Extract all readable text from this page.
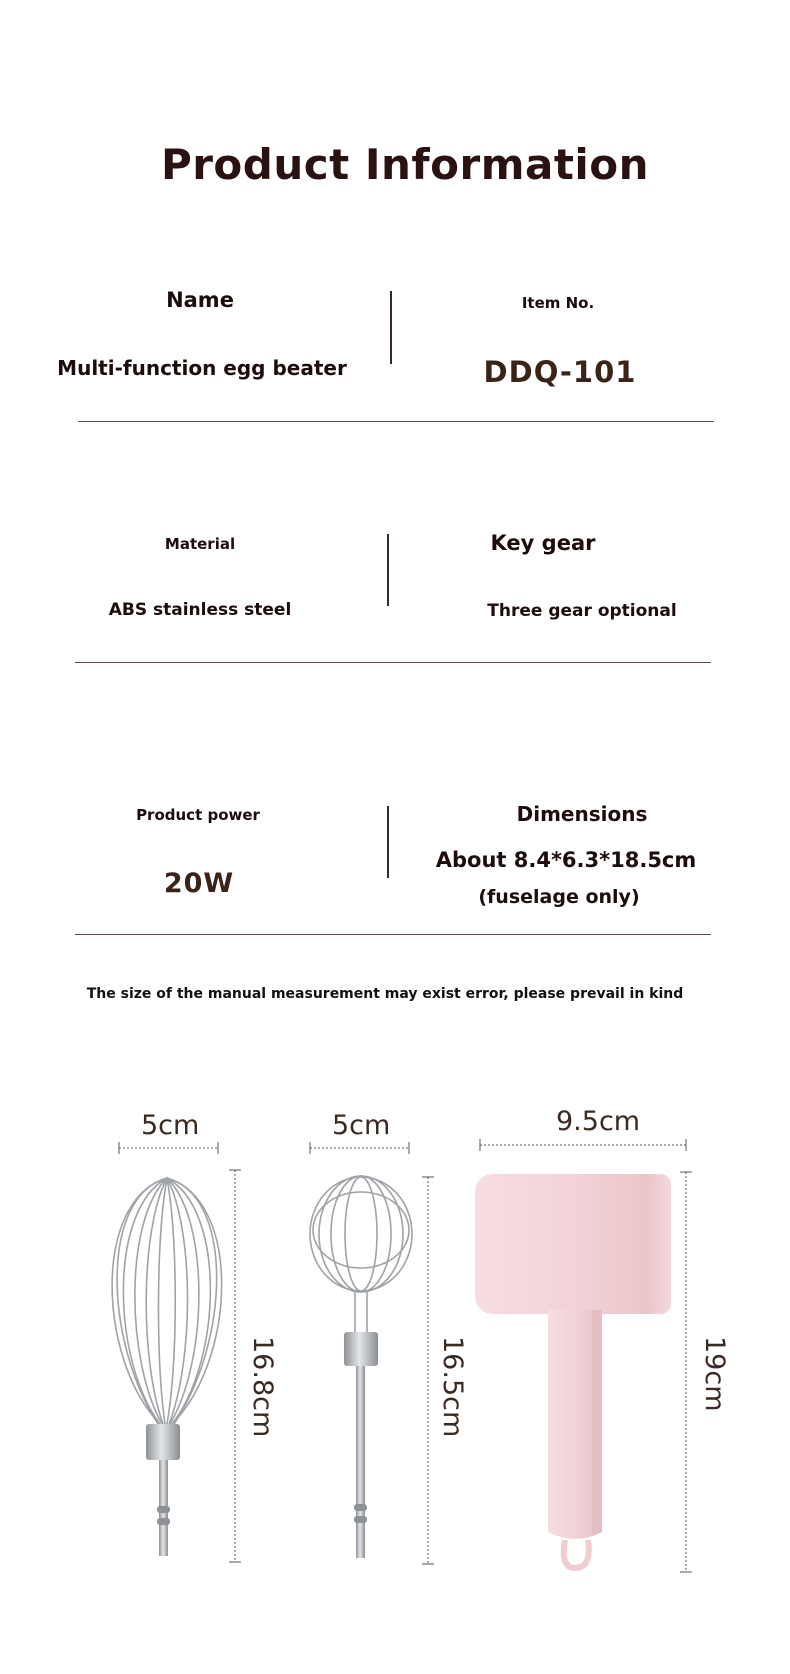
Product Information
Name
Multi-function egg beater
Item No.
DDQ-101
Material
ABS stainless steel
Key gear
Three gear optional
Product power
20W
Dimensions
About 8.4*6.3*18.5cm
(fuselage only)
The size of the manual measurement may exist error, please prevail in kind
5cm
16.8cm
5cm
16.5cm
9.5cm
19cm
